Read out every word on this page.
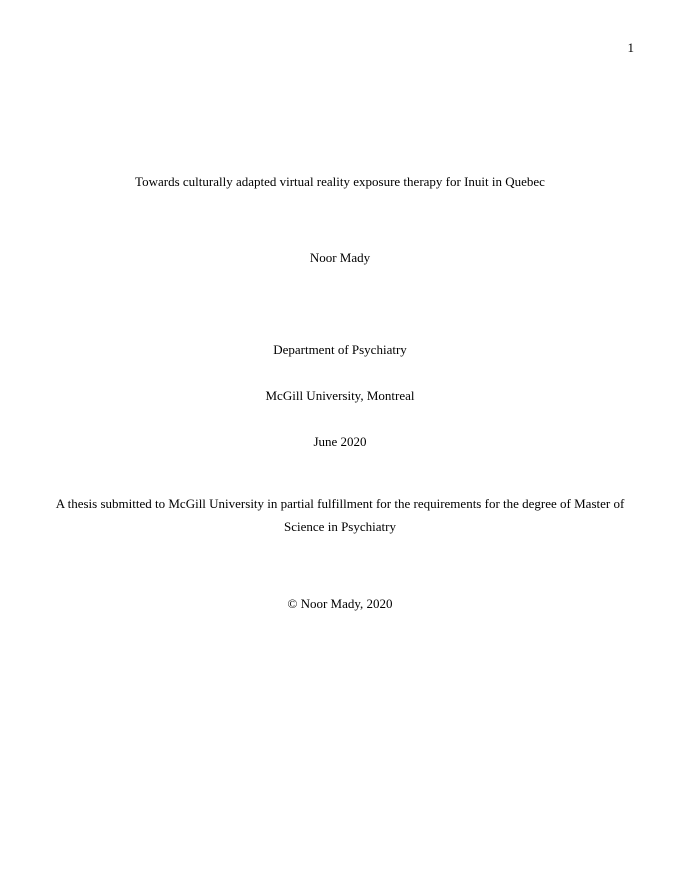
1
Towards culturally adapted virtual reality exposure therapy for Inuit in Quebec
Noor Mady
Department of Psychiatry
McGill University, Montreal
June 2020
A thesis submitted to McGill University in partial fulfillment for the requirements for the degree of Master of Science in Psychiatry
© Noor Mady, 2020
